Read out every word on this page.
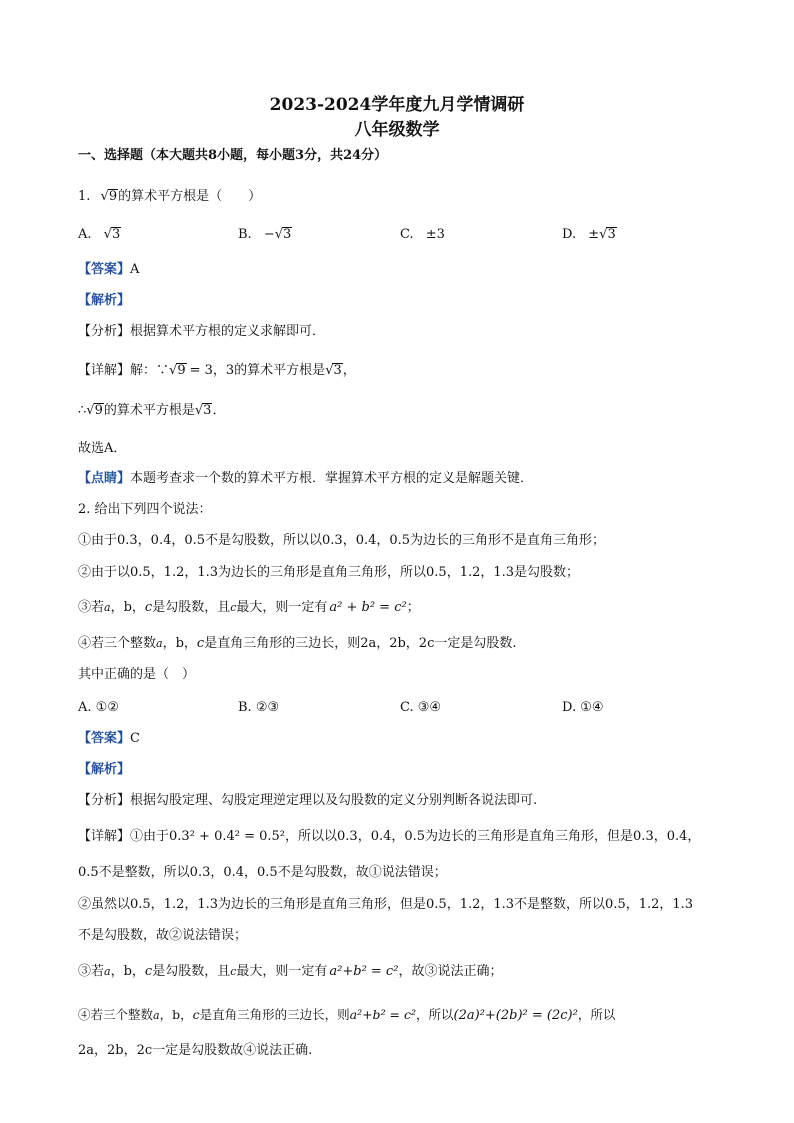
2023-2024学年度九月学情调研
八年级数学
一、选择题（本大题共8小题，每小题3分，共24分）
1. √9的算术平方根是（　　）
A. √3	B. −√3	C. ±3	D. ±√3
【答案】A
【解析】
【分析】根据算术平方根的定义求解即可．
【详解】解：∵√9 = 3，3的算术平方根是√3，
∴√9的算术平方根是√3．
故选A．
【点睛】本题考查求一个数的算术平方根．掌握算术平方根的定义是解题关键．
2. 给出下列四个说法：
①由于0.3，0.4，0.5不是勾股数，所以以0.3，0.4，0.5为边长的三角形不是直角三角形；
②由于以0.5，1.2，1.3为边长的三角形是直角三角形，所以0.5，1.2，1.3是勾股数；
③若a，b，c是勾股数，且c最大，则一定有 a² + b² = c²；
④若三个整数a，b，c是直角三角形的三边长，则2a，2b，2c一定是勾股数.
其中正确的是（　）
A. ①②	B. ②③	C. ③④	D. ①④
【答案】C
【解析】
【分析】根据勾股定理、勾股定理逆定理以及勾股数的定义分别判断各说法即可.
【详解】①由于0.3² + 0.4² = 0.5²，所以以0.3，0.4，0.5为边长的三角形是直角三角形，但是0.3，0.4，
0.5不是整数，所以0.3，0.4，0.5不是勾股数，故①说法错误；
②虽然以0.5，1.2，1.3为边长的三角形是直角三角形，但是0.5，1.2，1.3不是整数，所以0.5，1.2，1.3
不是勾股数，故②说法错误；
③若a，b，c是勾股数，且c最大，则一定有 a²+b² = c²，故③说法正确；
④若三个整数a，b，c是直角三角形的三边长，则a²+b² = c²，所以(2a)²+(2b)² = (2c)²，所以
2a，2b，2c一定是勾股数故④说法正确.
